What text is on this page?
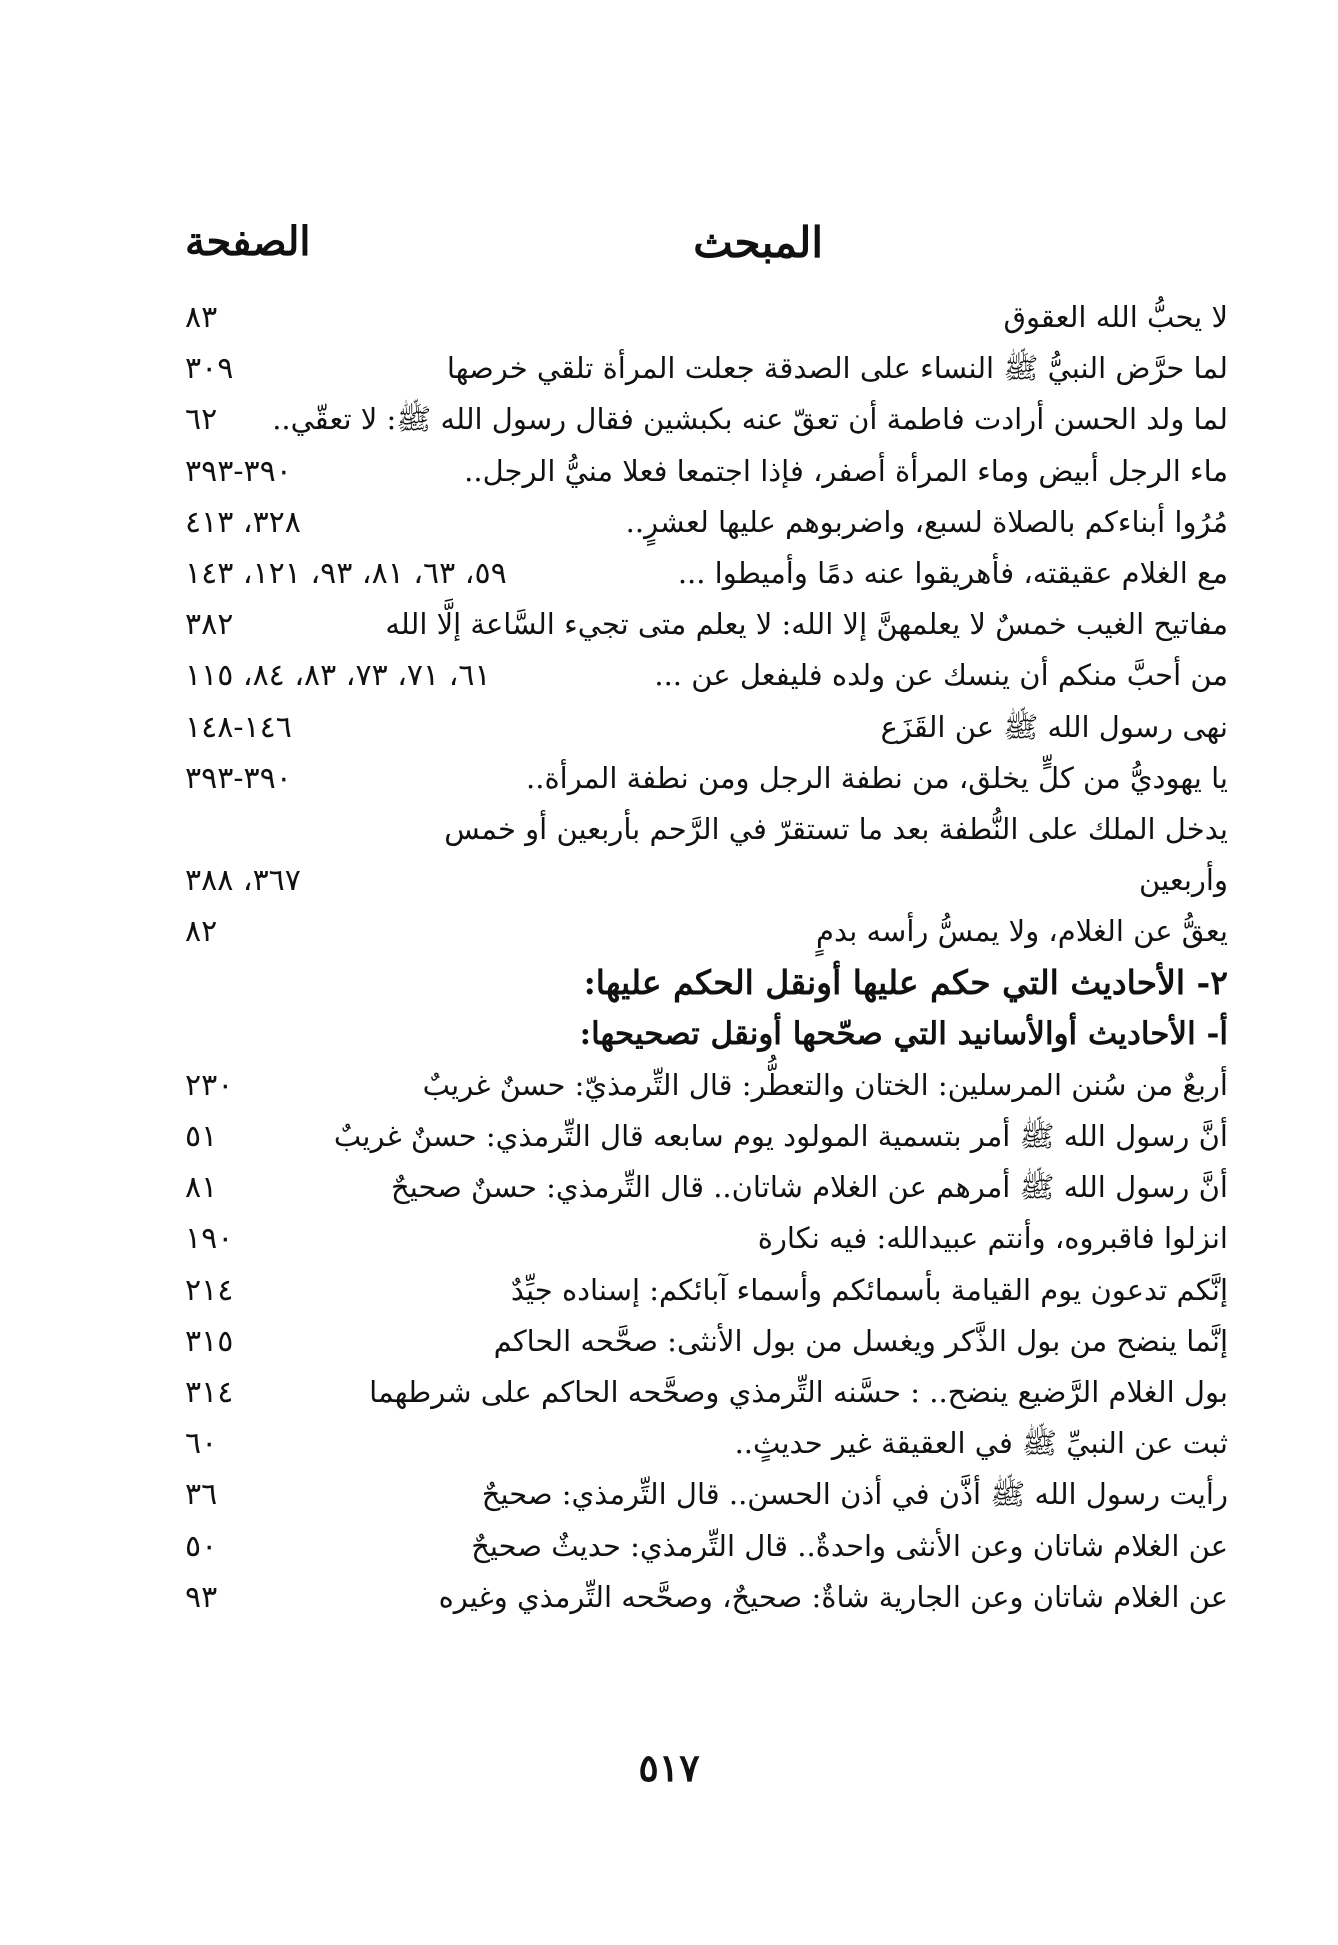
المبحث
الصفحة
لا يحبُّ الله العقوق
٨٣
لما حرَّض النبيُّ ﷺ النساء على الصدقة جعلت المرأة تلقي خرصها
٣٠٩
لما ولد الحسن أرادت فاطمة أن تعقّ عنه بكبشين فقال رسول الله ﷺ: لا تعقّي..
٦٢
ماء الرجل أبيض وماء المرأة أصفر، فإذا اجتمعا فعلا منيُّ الرجل..
٣٩٠-٣٩٣
مُرُوا أبناءكم بالصلاة لسبع، واضربوهم عليها لعشرٍ..
٣٢٨، ٤١٣
مع الغلام عقيقته، فأهريقوا عنه دمًا وأميطوا ...
٥٩، ٦٣، ٨١، ٩٣، ١٢١، ١٤٣
مفاتيح الغيب خمسٌ لا يعلمهنَّ إلا الله: لا يعلم متى تجيء السَّاعة إلَّا الله
٣٨٢
من أحبَّ منكم أن ينسك عن ولده فليفعل عن ...
٦١، ٧١، ٧٣، ٨٣، ٨٤، ١١٥
نهى رسول الله ﷺ عن القَزَع
١٤٦-١٤٨
يا يهوديُّ من كلٍّ يخلق، من نطفة الرجل ومن نطفة المرأة..
٣٩٠-٣٩٣
يدخل الملك على النُّطفة بعد ما تستقرّ في الرَّحم بأربعين أو خمس
وأربعين
٣٦٧، ٣٨٨
يعقُّ عن الغلام، ولا يمسُّ رأسه بدمٍ
٨٢
٢- الأحاديث التي حكم عليها أونقل الحكم عليها:
أ- الأحاديث أوالأسانيد التي صحّحها أونقل تصحيحها:
أربعٌ من سُنن المرسلين: الختان والتعطُّر: قال التِّرمذيّ: حسنٌ غريبٌ
٢٣٠
أنَّ رسول الله ﷺ أمر بتسمية المولود يوم سابعه قال التِّرمذي: حسنٌ غريبٌ
٥١
أنَّ رسول الله ﷺ أمرهم عن الغلام شاتان.. قال التِّرمذي: حسنٌ صحيحٌ
٨١
انزلوا فاقبروه، وأنتم عبيدالله: فيه نكارة
١٩٠
إنَّكم تدعون يوم القيامة بأسمائكم وأسماء آبائكم: إسناده جيِّدٌ
٢١٤
إنَّما ينضح من بول الذَّكر ويغسل من بول الأنثى: صحَّحه الحاكم
٣١٥
بول الغلام الرَّضيع ينضح.. : حسَّنه التِّرمذي وصحَّحه الحاكم على شرطهما
٣١٤
ثبت عن النبيِّ ﷺ في العقيقة غير حديثٍ..
٦٠
رأيت رسول الله ﷺ أذَّن في أذن الحسن.. قال التِّرمذي: صحيحٌ
٣٦
عن الغلام شاتان وعن الأنثى واحدةٌ.. قال التِّرمذي: حديثٌ صحيحٌ
٥٠
عن الغلام شاتان وعن الجارية شاةٌ: صحيحٌ، وصحَّحه التِّرمذي وغيره
٩٣
٥١٧
